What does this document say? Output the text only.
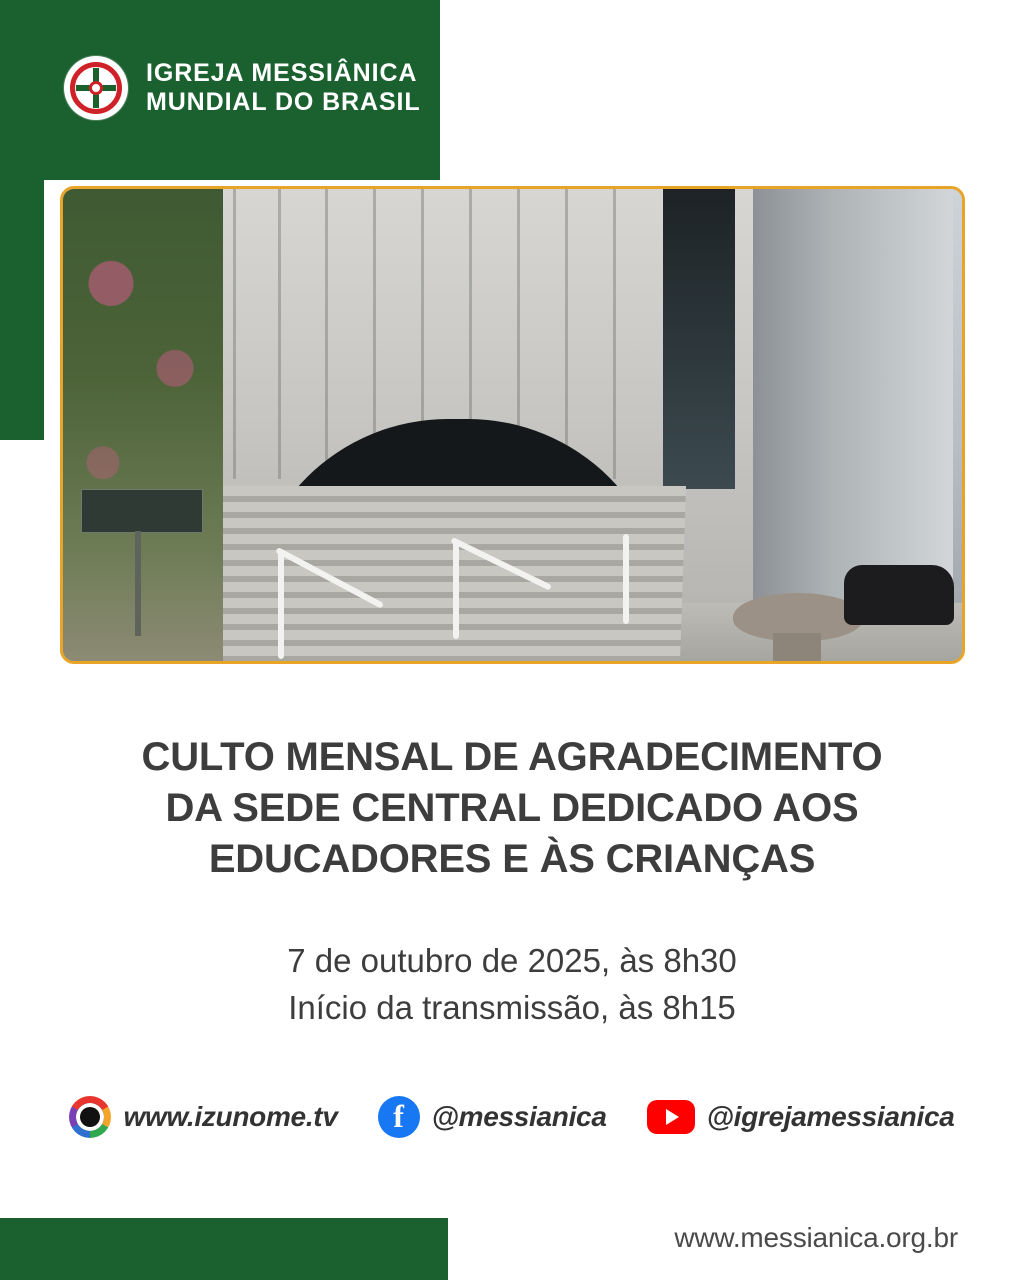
IGREJA MESSIÂNICA
MUNDIAL DO BRASIL
CULTO MENSAL DE AGRADECIMENTO
DA SEDE CENTRAL DEDICADO AOS
EDUCADORES E ÀS CRIANÇAS
7 de outubro de 2025, às 8h30
Início da transmissão, às 8h15
www.izunome.tv	f @messianica	@igrejamessianica
www.messianica.org.br
